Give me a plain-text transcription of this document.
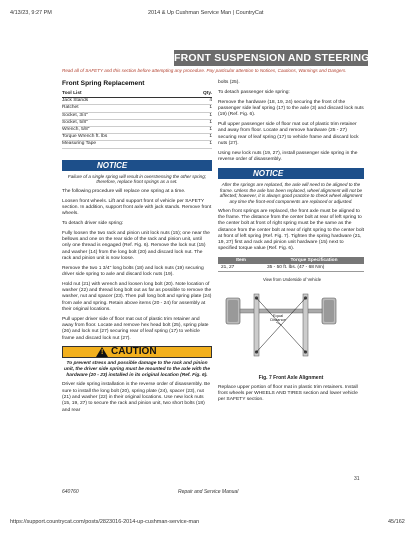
4/13/23, 9:27 PM	2014 & Up Cushman Service Man | CountryCat
FRONT SUSPENSION AND STEERING
Read all of SAFETY and this section before attempting any procedure. Pay particular attention to Notices, Cautions, Warnings and Dangers.
Front Spring Replacement
Tool List	Qty.
Jack Stands	4
Ratchet	1
Socket, 3/4"	1
Socket, 5/8"	1
Wrench, 5/8"	1
Torque Wrench ft. lbs	1
Measuring Tape	1
NOTICE
Failure of a single spring will result in overstressing the other spring; therefore, replace front springs as a set.
The following procedure will replace one spring at a time.
Loosen front wheels. Lift and support front of vehicle per SAFETY section. In addition, support front axle with jack stands. Remove front wheels.
To detach driver side spring:
Fully loosen the two rack and pinion unit lock nuts (15); one near the bellows and one on the rear side of the rack and pinion unit, until only one thread is engaged (Ref. Fig. 6). Remove the lock nut (15) and washer (14) from the long bolt (20) and discard lock nut. The rack and pinion unit is now loose.
Remove the two 1 3/4" long bolts (18) and lock nuts (19) securing driver side spring to axle and discard lock nuts (19).
Hold nut (21) with wrench and loosen long bolt (20). Note location of washer (22) and thread long bolt out as far as possible to remove the washer, nut and spacer (23). Then pull long bolt and spring plate (24) from axle and spring. Retain above items (20 - 24) for assembly at their original locations.
Pull upper driver side of floor mat out of plastic trim retainer and away from floor. Locate and remove hex head bolt (25), spring plate (26) and lock nut (27) securing rear of leaf spring (17) to vehicle frame and discard lock nut (27).
! CAUTION
To prevent stress and possible damage to the rack and pinion unit, the driver side spring must be mounted to the axle with the hardware (20 - 23) installed in its original location (Ref. Fig. 6).
Driver side spring installation is the reverse order of disassembly. Be sure to install the long bolt (20), spring plate (24), spacer (23), nut (21) and washer (22) in their original locations. Use new lock nuts (15, 19, 27) to secure the rack and pinion unit, two short bolts (18) and rear
bolts (25).
To detach passenger side spring:
Remove the hardware (18, 19, 24) securing the front of the passenger side leaf spring (17) to the axle (3) and discard lock nuts (19) (Ref. Fig. 6).
Pull upper passenger side of floor mat out of plastic trim retainer and away from floor. Locate and remove hardware (25 - 27) securing rear of leaf spring (17) to vehicle frame and discard lock nuts (27).
Using new lock nuts (19, 27), install passenger side spring in the reverse order of disassembly.
NOTICE
After the springs are replaced, the axle will need to be aligned to the frame. Unless the axle has been replaced, wheel alignment will not be affected; however, it is always good practice to check wheel alignment any time the front-end components are replaced or adjusted.
When front springs are replaced, the front axle must be aligned to the frame. The distance from the center bolt at rear of left spring to the center bolt at front of right spring must be the same as the distance from the center bolt at rear of right spring to the center bolt at front of left spring (Ref. Fig. 7). Tighten the spring hardware (21, 19, 27) first and rack and pinion unit hardware (15) next to specified torque value (Ref. Fig. 6).
Item	Torque Specification
21, 27	35 - 50 ft. lbs. (47 - 68 Nm)
View from Underside of Vehicle
Equal Distance
Fig. 7 Front Axle Alignment
Replace upper portion of floor mat in plastic trim retainers. Install front wheels per WHEELS AND TIRES section and lower vehicle per SAFETY section.
640760	Repair and Service Manual
31
https://support.countrycat.com/posts/2823016-2014-up-cushman-service-man	45/162
